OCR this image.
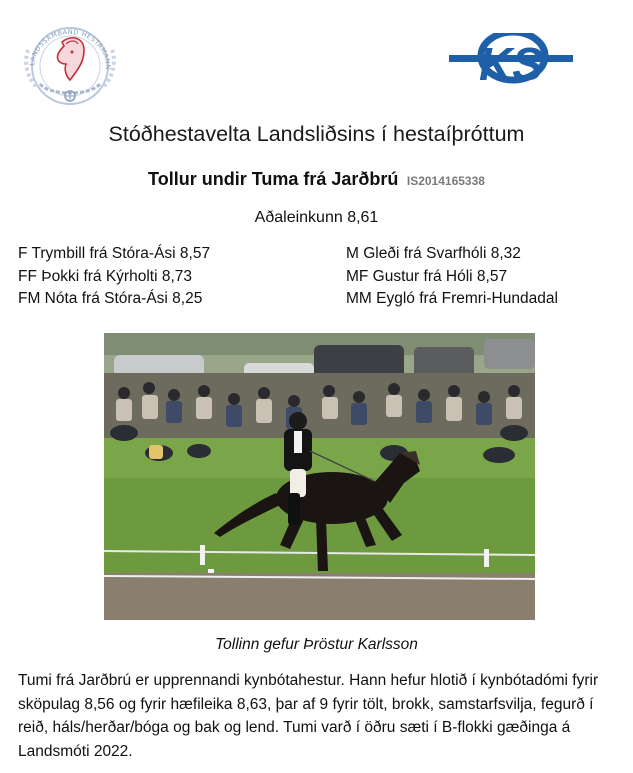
LANDSSAMBAND HESTAMANN	KS
Stóðhestavelta Landsliðsins í hestaíþróttum
Tollur undir Tuma frá Jarðbrú IS2014165338
Aðaleinkunn 8,61
F Trymbill frá Stóra-Ási 8,57
FF Þokki frá Kýrholti 8,73
FM Nóta frá Stóra-Ási 8,25
M Gleði frá Svarfhóli 8,32
MF Gustur frá Hóli 8,57
MM Eygló frá Fremri-Hundadal
Tollinn gefur Þröstur Karlsson
Tumi frá Jarðbrú er upprennandi kynbótahestur. Hann hefur hlotið í kynbótadómi fyrir sköpulag 8,56 og fyrir hæfileika 8,63, þar af 9 fyrir tölt, brokk, samstarfsvilja, fegurð í reið, háls/herðar/bóga og bak og lend. Tumi varð í öðru sæti í B-flokki gæðinga á Landsmóti 2022.
